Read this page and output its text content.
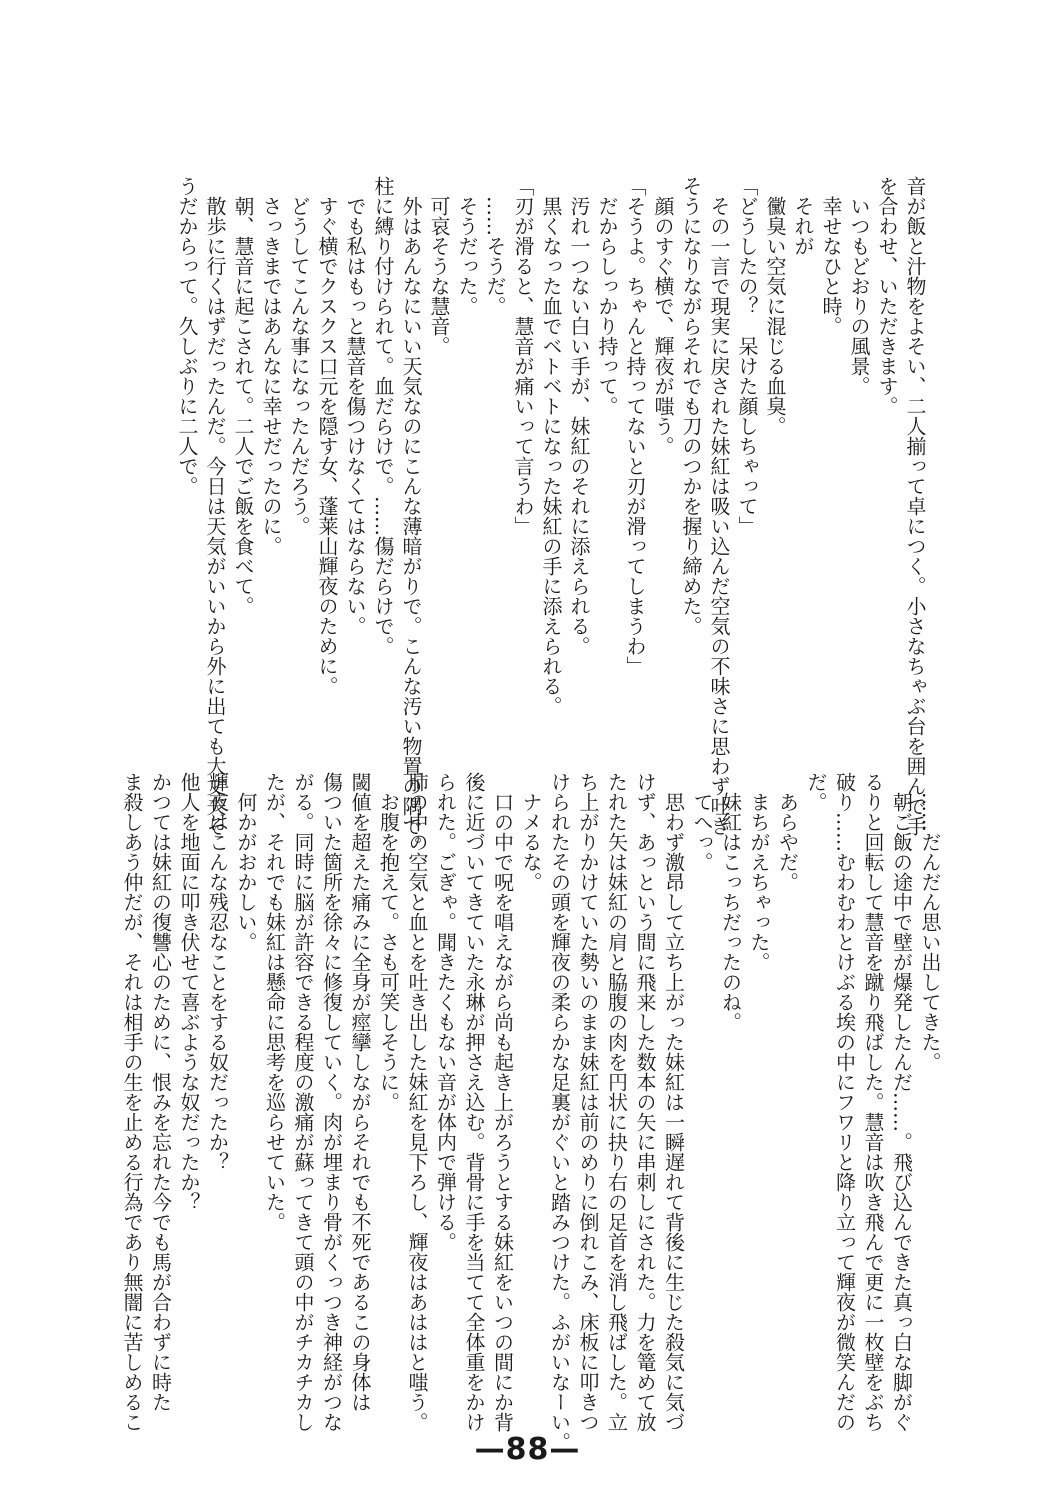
音が飯と汁物をよそい、二人揃って卓につく。小さなちゃぶ台を囲んで手
を合わせ、いただきます。
　いつもどおりの風景。
　幸せなひと時。
　それが
　黴臭い空気に混じる血臭。
「どうしたの？　呆けた顔しちゃって」
　その一言で現実に戻された妹紅は吸い込んだ空気の不味さに思わず吐き
そうになりながらそれでも刀のつかを握り締めた。
　顔のすぐ横で、輝夜が嗤う。
「そうよ。ちゃんと持ってないと刃が滑ってしまうわ」
　だからしっかり持って。
　汚れ一つない白い手が、妹紅のそれに添えられる。
　黒くなった血でベトベトになった妹紅の手に添えられる。
「刃が滑ると、慧音が痛いって言うわ」
　……そうだ。
　そうだった。
　可哀そうな慧音。
　外はあんなにいい天気なのにこんな薄暗がりで。こんな汚い物置の隅で。
柱に縛り付けられて。血だらけで。……傷だらけで。
　でも私はもっと慧音を傷つけなくてはならない。
　すぐ横でクスクス口元を隠す女、蓬莱山輝夜のために。
　どうしてこんな事になったんだろう。
　さっきまではあんなに幸せだったのに。
　朝、慧音に起こされて。二人でご飯を食べて。
　散歩に行くはずだったんだ。今日は天気がいいから外に出ても大丈夫そ
うだからって。久しぶりに二人で。
　……だんだん思い出してきた。
　朝ご飯の途中で壁が爆発したんだ……。飛び込んできた真っ白な脚がぐ
るりと回転して慧音を蹴り飛ばした。慧音は吹き飛んで更に一枚壁をぶち
破り……むわむわとけぶる埃の中にフワリと降り立って輝夜が微笑んだの
だ。
　あらやだ。
　まちがえちゃった。
　妹紅はこっちだったのね。
　てへっ。
　思わず激昂して立ち上がった妹紅は一瞬遅れて背後に生じた殺気に気づ
けず、あっという間に飛来した数本の矢に串刺しにされた。力を篭めて放
たれた矢は妹紅の肩と脇腹の肉を円状に抉り右の足首を消し飛ばした。立
ち上がりかけていた勢いのまま妹紅は前のめりに倒れこみ、床板に叩きつ
けられたその頭を輝夜の柔らかな足裏がぐいと踏みつけた。ふがいなーい。
　ナメるな。
　口の中で呪を唱えながら尚も起き上がろうとする妹紅をいつの間にか背
後に近づいてきていた永琳が押さえ込む。背骨に手を当てて全体重をかけ
られた。ごぎゃ。聞きたくもない音が体内で弾ける。
肺の中の空気と血とを吐き出した妹紅を見下ろし、輝夜はあははと嗤う。
　お腹を抱えて。さも可笑しそうに。
閾値を超えた痛みに全身が痙攣しながらそれでも不死であるこの身体は
傷ついた箇所を徐々に修復していく。肉が埋まり骨がくっつき神経がつな
がる。同時に脳が許容できる程度の激痛が蘇ってきて頭の中がチカチカし
たが、それでも妹紅は懸命に思考を巡らせていた。
　何かがおかしい。
輝夜はこんな残忍なことをする奴だったか？
他人を地面に叩き伏せて喜ぶような奴だったか？
かつては妹紅の復讐心のために、恨みを忘れた今でも馬が合わずに時た
ま殺しあう仲だが、それは相手の生を止める行為であり無闇に苦しめるこ
—88—
